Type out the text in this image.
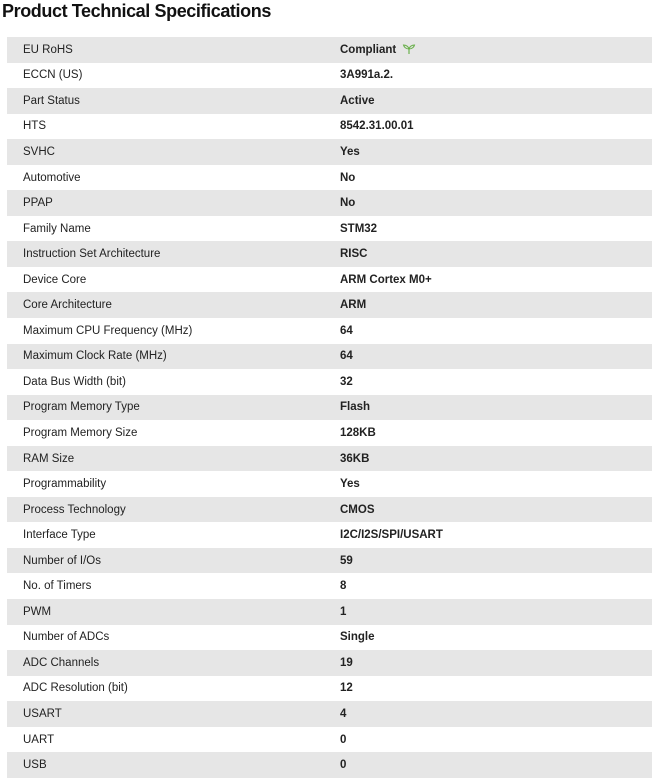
Product Technical Specifications
EU RoHS	Compliant
ECCN (US)	3A991a.2.
Part Status	Active
HTS	8542.31.00.01
SVHC	Yes
Automotive	No
PPAP	No
Family Name	STM32
Instruction Set Architecture	RISC
Device Core	ARM Cortex M0+
Core Architecture	ARM
Maximum CPU Frequency (MHz)	64
Maximum Clock Rate (MHz)	64
Data Bus Width (bit)	32
Program Memory Type	Flash
Program Memory Size	128KB
RAM Size	36KB
Programmability	Yes
Process Technology	CMOS
Interface Type	I2C/I2S/SPI/USART
Number of I/Os	59
No. of Timers	8
PWM	1
Number of ADCs	Single
ADC Channels	19
ADC Resolution (bit)	12
USART	4
UART	0
USB	0
